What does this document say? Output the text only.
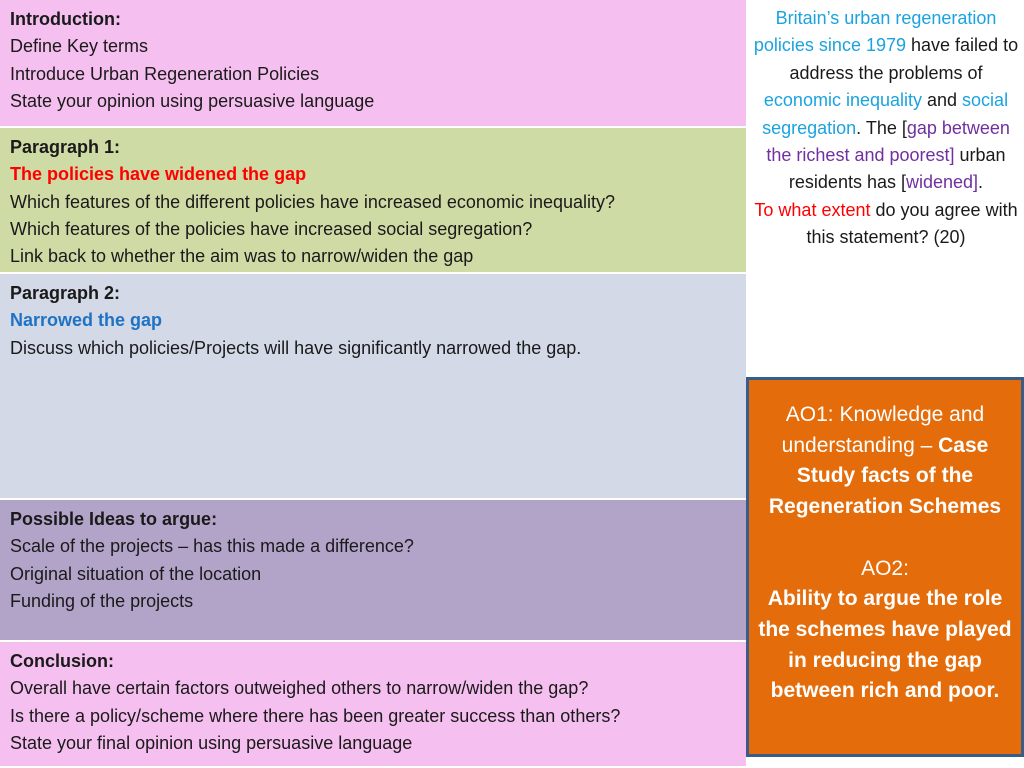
Introduction:
Define Key terms
Introduce Urban Regeneration Policies
State your opinion using persuasive language
Paragraph 1:
The policies have widened the gap
Which features of the different policies have increased economic inequality?
Which features of the policies have increased social segregation?
Link back to whether the aim was to narrow/widen the gap
Paragraph 2:
Narrowed the gap
Discuss which policies/Projects will have significantly narrowed the gap.
Possible Ideas to argue:
Scale of the projects – has this made a difference?
Original situation of the location
Funding of the projects
Conclusion:
Overall have certain factors outweighed others to narrow/widen the gap?
Is there a policy/scheme where there has been greater success than others?
State your final opinion using persuasive language
Britain’s urban regeneration policies since 1979 have failed to address the problems of economic inequality and social segregation. The [gap between the richest and poorest] urban residents has [widened].
To what extent do you agree with this statement? (20)
AO1: Knowledge and understanding – Case Study facts of the Regeneration Schemes
AO2:
Ability to argue the role the schemes have played in reducing the gap between rich and poor.
